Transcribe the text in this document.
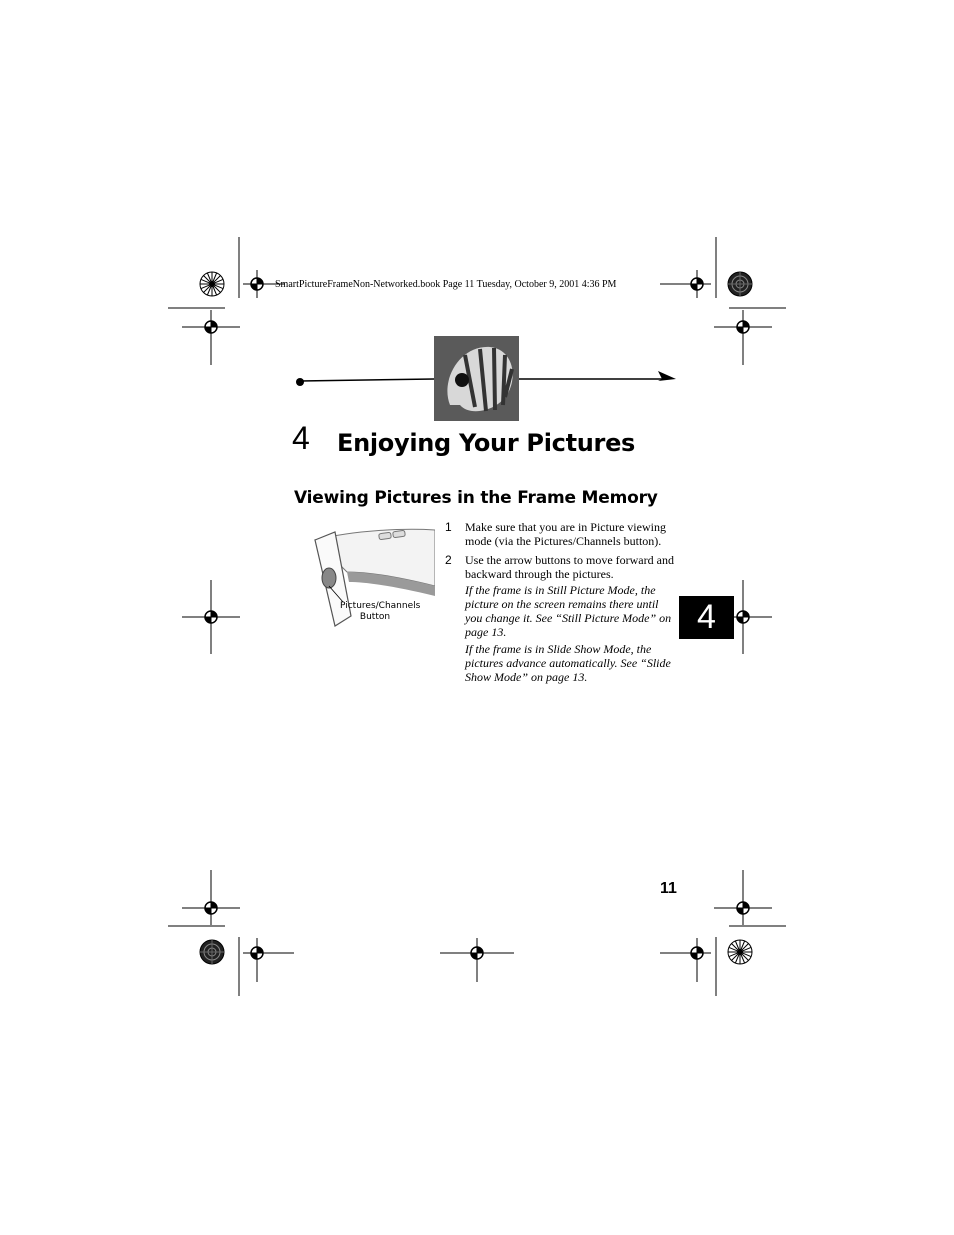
SmartPictureFrameNon-Networked.book Page 11 Tuesday, October 9, 2001 4:36 PM
4 Enjoying Your Pictures
Viewing Pictures in the Frame Memory
Pictures/Channels
Button
1	Make sure that you are in Picture viewing mode (via the Pictures/Channels button).
2	Use the arrow buttons to move forward and backward through the pictures.
If the frame is in Still Picture Mode, the picture on the screen remains there until you change it. See “Still Picture Mode” on page 13.
If the frame is in Slide Show Mode, the pictures advance automatically. See “Slide Show Mode” on page 13.
4
11
